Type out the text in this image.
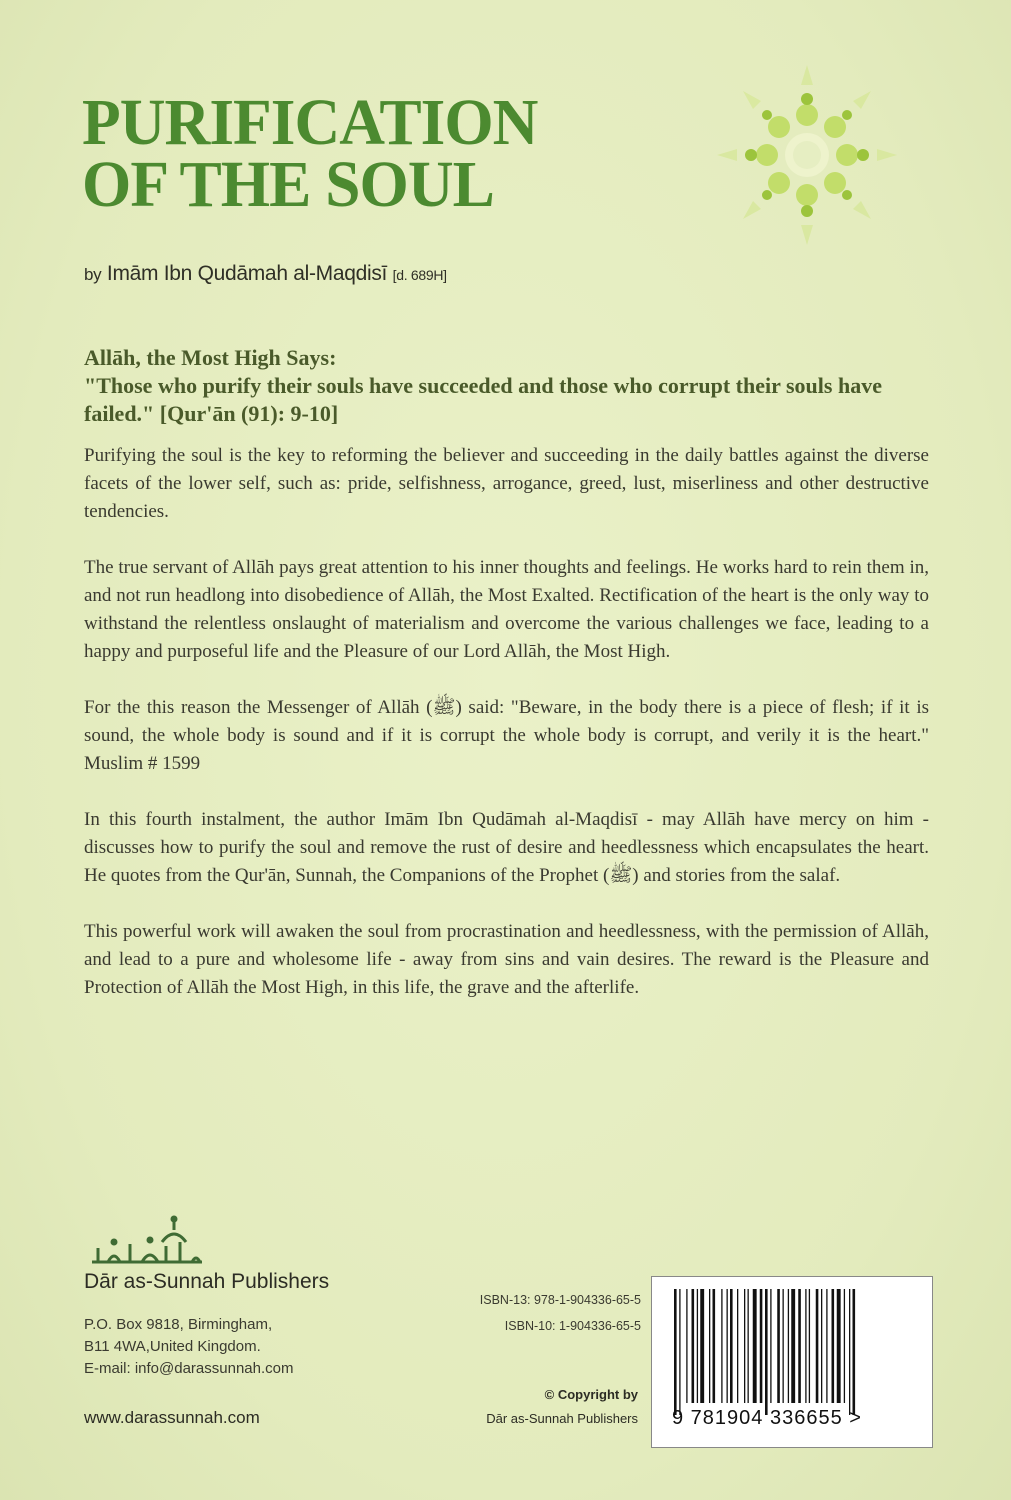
PURIFICATION
OF THE SOUL
by Imām Ibn Qudāmah al-Maqdisī [d. 689H]

Allāh, the Most High Says:

"Those who purify their souls have succeeded and those who corrupt their souls have failed." [Qur'ān (91): 9-10]

Purifying the soul is the key to reforming the believer and succeeding in the daily battles against the diverse facets of the lower self, such as: pride, selfishness, arrogance, greed, lust, miserliness and other destructive tendencies.

The true servant of Allāh pays great attention to his inner thoughts and feelings. He works hard to rein them in, and not run headlong into disobedience of Allāh, the Most Exalted. Rectification of the heart is the only way to withstand the relentless onslaught of materialism and overcome the various challenges we face, leading to a happy and purposeful life and the Pleasure of our Lord Allāh, the Most High.

For the this reason the Messenger of Allāh (ﷺ) said: "Beware, in the body there is a piece of flesh; if it is sound, the whole body is sound and if it is corrupt the whole body is corrupt, and verily it is the heart." Muslim # 1599

In this fourth instalment, the author Imām Ibn Qudāmah al-Maqdisī - may Allāh have mercy on him - discusses how to purify the soul and remove the rust of desire and heedlessness which encapsulates the heart. He quotes from the Qur'ān, Sunnah, the Companions of the Prophet (ﷺ) and stories from the salaf.

This powerful work will awaken the soul from procrastination and heedlessness, with the permission of Allāh, and lead to a pure and wholesome life - away from sins and vain desires. The reward is the Pleasure and Protection of Allāh the Most High, in this life, the grave and the afterlife.

Dār as-Sunnah Publishers
P.O. Box 9818, Birmingham,
B11 4WA,United Kingdom.
E-mail: info@darassunnah.com
www.darassunnah.com
ISBN-13: 978-1-904336-65-5
ISBN-10: 1-904336-65-5
© Copyright by
Dār as-Sunnah Publishers 9 781904 336655 >
